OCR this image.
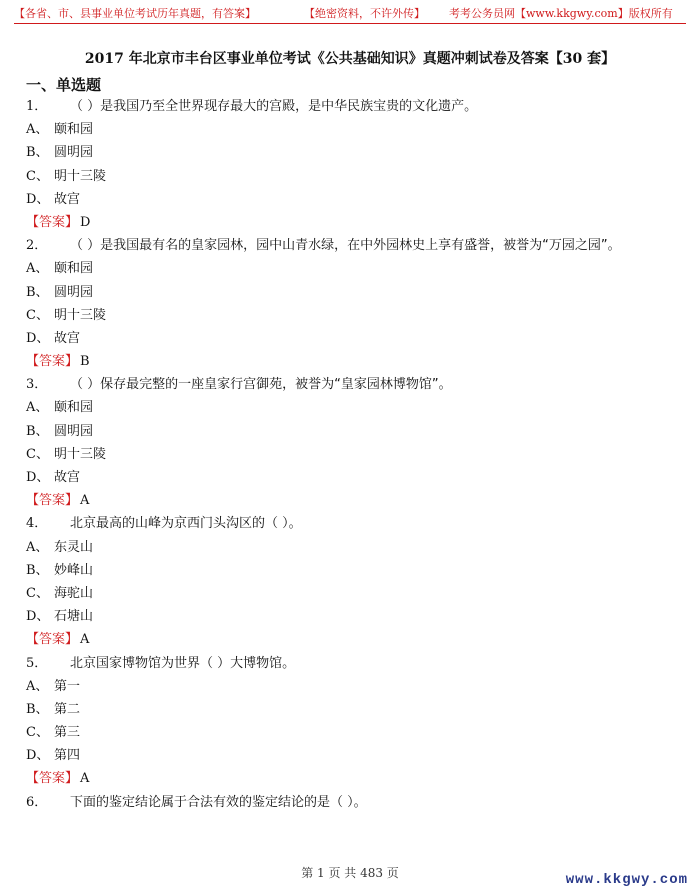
【各省、市、县事业单位考试历年真题，有答案】	【绝密资料，不许外传】	考考公务员网【www.kkgwy.com】版权所有
2017 年北京市丰台区事业单位考试《公共基础知识》真题冲刺试卷及答案【30 套】
一、单选题
1． （ ）是我国乃至全世界现存最大的宫殿，是中华民族宝贵的文化遗产。
A、 颐和园
B、 圆明园
C、 明十三陵
D、 故宫
【答案】 D
2． （ ）是我国最有名的皇家园林，园中山青水绿，在中外园林史上享有盛誉，被誉为“万园之园”。
A、 颐和园
B、 圆明园
C、 明十三陵
D、 故宫
【答案】 B
3． （ ）保存最完整的一座皇家行宫御苑，被誉为“皇家园林博物馆”。
A、 颐和园
B、 圆明园
C、 明十三陵
D、 故宫
【答案】 A
4． 北京最高的山峰为京西门头沟区的（ ）。
A、 东灵山
B、 妙峰山
C、 海驼山
D、 石塘山
【答案】 A
5． 北京国家博物馆为世界（ ）大博物馆。
A、 第一
B、 第二
C、 第三
D、 第四
【答案】 A
6． 下面的鉴定结论属于合法有效的鉴定结论的是（ ）。
第 1 页 共 483 页	www.kkgwy.com
